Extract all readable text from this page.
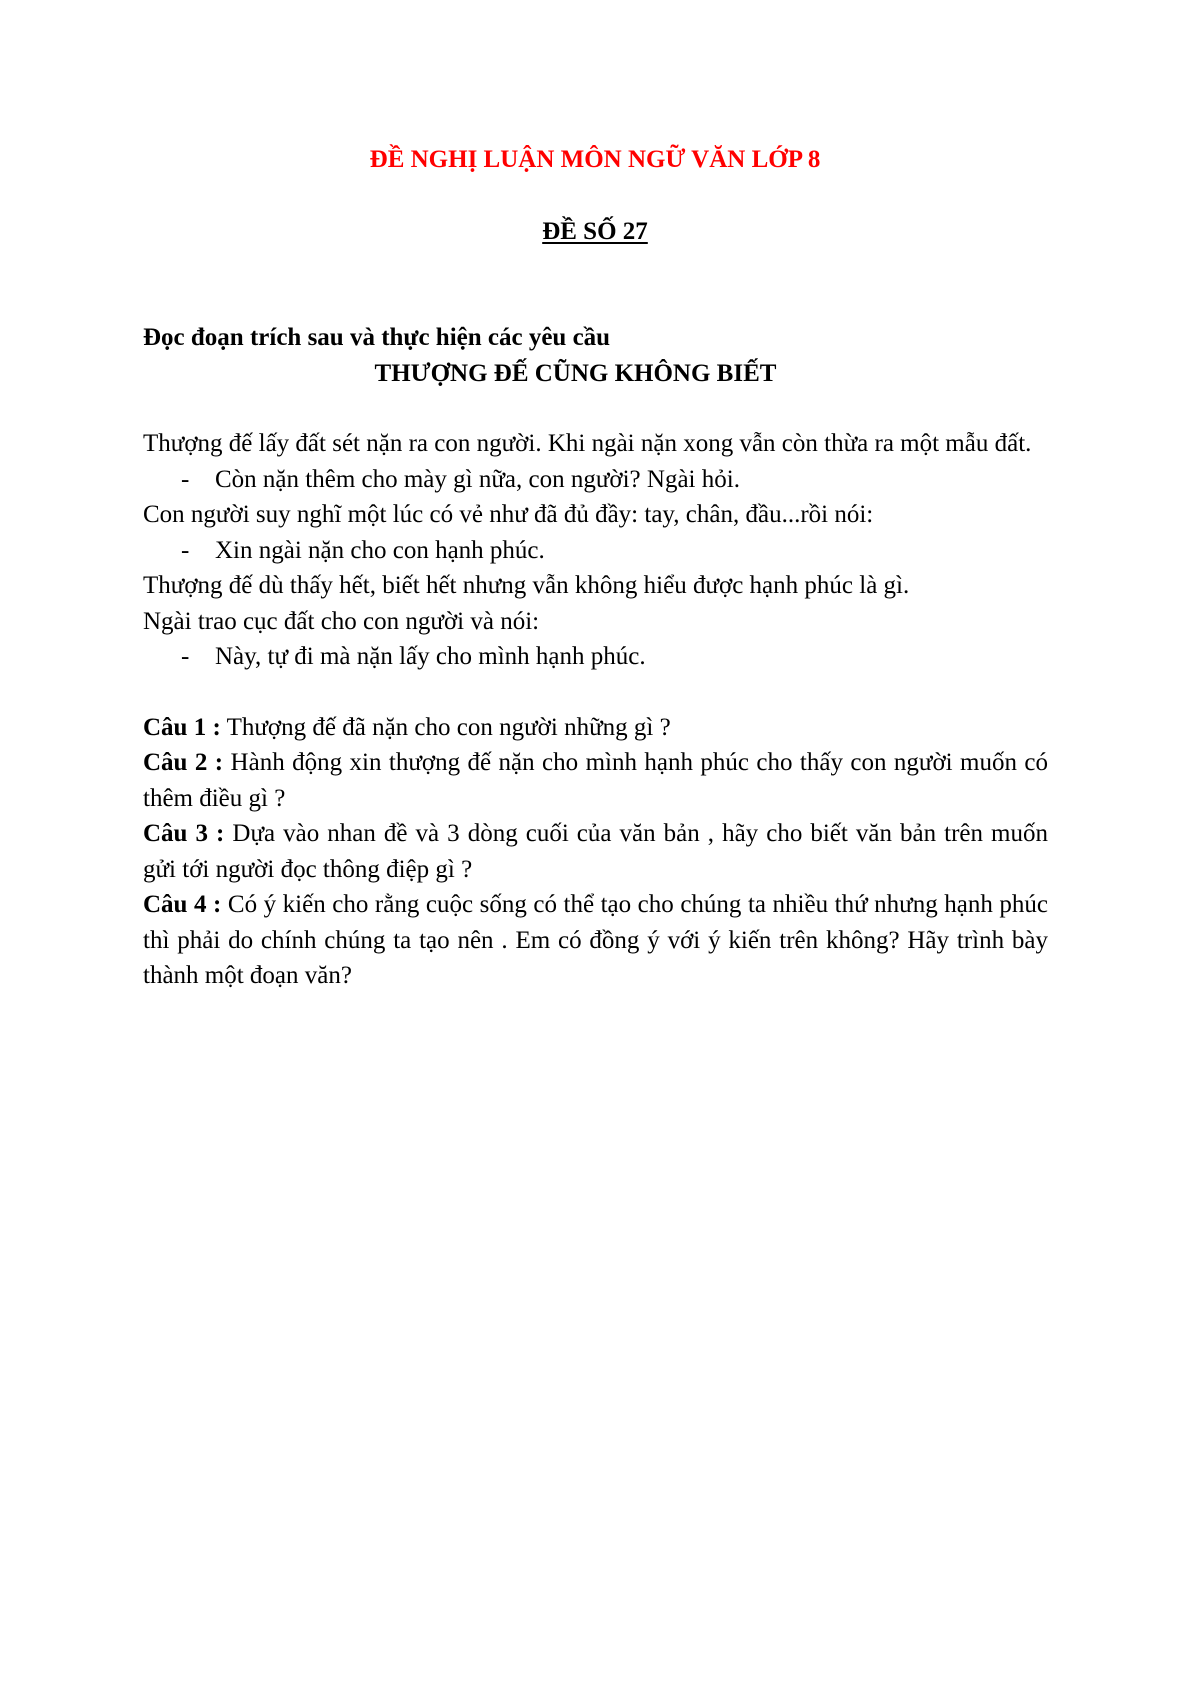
ĐỀ NGHỊ LUẬN MÔN NGỮ VĂN LỚP 8
ĐỀ SỐ 27
Đọc đoạn trích sau và thực hiện các yêu cầu
THƯỢNG ĐẾ CŨNG KHÔNG BIẾT

Thượng đế lấy đất sét nặn ra con người. Khi ngài nặn xong vẫn còn thừa ra một mẫu đất.

- Còn nặn thêm cho mày gì nữa, con người? Ngài hỏi.

Con người suy nghĩ một lúc có vẻ như đã đủ đầy: tay, chân, đầu...rồi nói:

- Xin ngài nặn cho con hạnh phúc.

Thượng đế dù thấy hết, biết hết nhưng vẫn không hiểu được hạnh phúc là gì.

Ngài trao cục đất cho con người và nói:

- Này, tự đi mà nặn lấy cho mình hạnh phúc.

Câu 1 : Thượng đế đã nặn cho con người những gì ?

Câu 2 : Hành động xin thượng đế nặn cho mình hạnh phúc cho thấy con người muốn có thêm điều gì ?

Câu 3 : Dựa vào nhan đề và 3 dòng cuối của văn bản , hãy cho biết văn bản trên muốn gửi tới người đọc thông điệp gì ?

Câu 4 : Có ý kiến cho rằng cuộc sống có thể tạo cho chúng ta nhiều thứ nhưng hạnh phúc thì phải do chính chúng ta tạo nên . Em có đồng ý với ý kiến trên không? Hãy trình bày thành một đoạn văn?
